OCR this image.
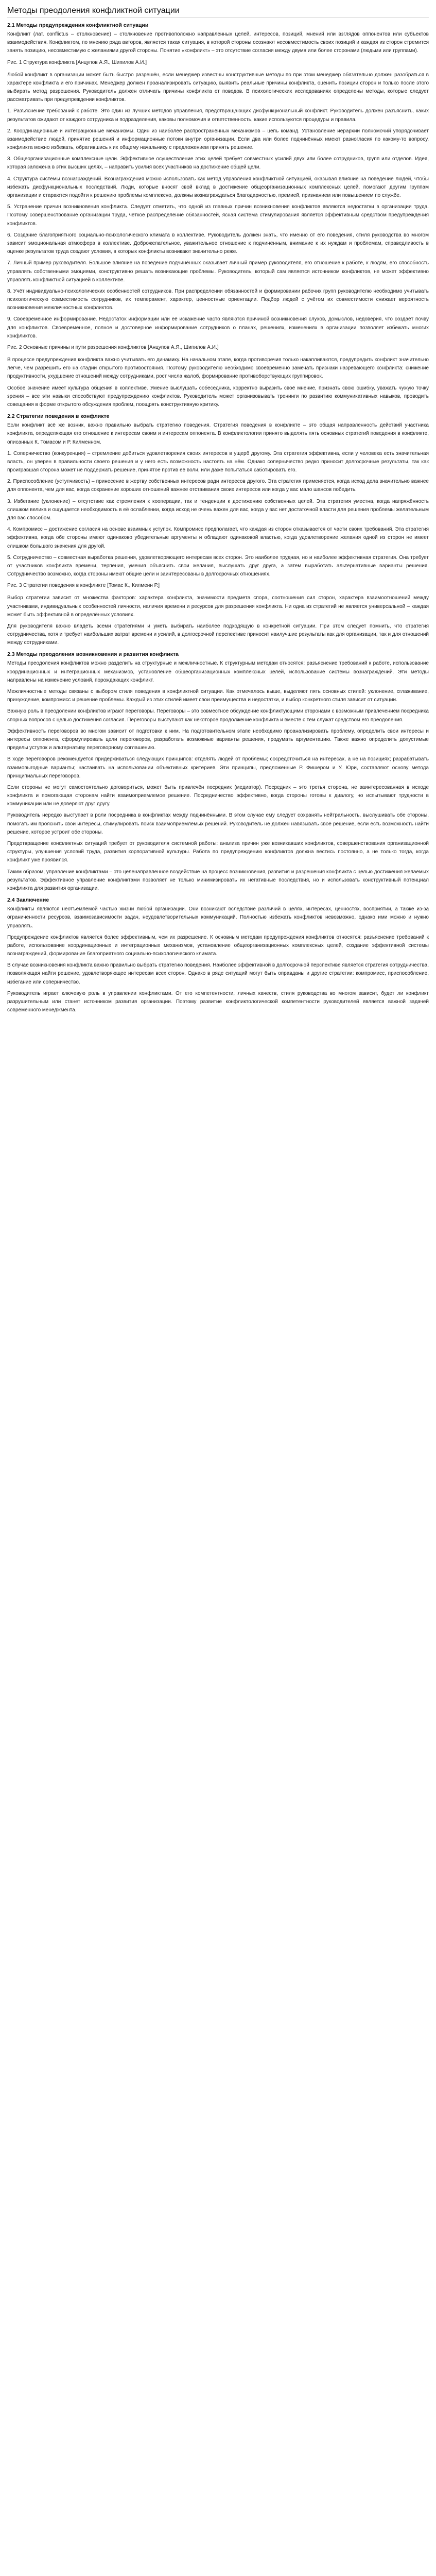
Методы преодоления конфликтной ситуации
2.1 Методы предупреждения конфликтной ситуации

Конфликт (лат. conflictus – столкновение) – столкновение противоположно направленных целей, интересов, позиций, мнений или взглядов оппонентов или субъектов взаимодействия. Конфликтом, по мнению ряда авторов, является такая ситуация, в которой стороны осознают несовместимость своих позиций и каждая из сторон стремится занять позицию, несовместимую с желаниями другой стороны. Понятие «конфликт» – это отсутствие согласия между двумя или более сторонами (людьми или группами).

Рис. 1 Структура конфликта [Анцупов А.Я., Шипилов А.И.]

Любой конфликт в организации может быть быстро разрешён, если менеджер известны конструктивные методы по при этом менеджер обязательно должен разобраться в характере конфликта и его причинах. Менеджер должен проанализировать ситуацию, выявить реальные причины конфликта, оценить позиции сторон и только после этого выбирать метод разрешения. Руководитель должен отличать причины конфликта от поводов. В психологических исследованиях определены методы, которые следует рассматривать при предупреждении конфликтов.

1. Разъяснение требований к работе. Это один из лучших методов управления, предотвращающих дисфункциональный конфликт. Руководитель должен разъяснить, каких результатов ожидают от каждого сотрудника и подразделения, каковы полномочия и ответственность, какие используются процедуры и правила.

2. Координационные и интеграционные механизмы. Один из наиболее распространённых механизмов – цепь команд. Установление иерархии полномочий упорядочивает взаимодействие людей, принятие решений и информационные потоки внутри организации. Если два или более подчинённых имеют разногласия по какому-то вопросу, конфликта можно избежать, обратившись к их общему начальнику с предложением принять решение.

3. Общеорганизационные комплексные цели. Эффективное осуществление этих целей требует совместных усилий двух или более сотрудников, групп или отделов. Идея, которая заложена в этих высших целях, – направить усилия всех участников на достижение общей цели.

4. Структура системы вознаграждений. Вознаграждения можно использовать как метод управления конфликтной ситуацией, оказывая влияние на поведение людей, чтобы избежать дисфункциональных последствий. Люди, которые вносят свой вклад в достижение общеорганизационных комплексных целей, помогают другим группам организации и стараются подойти к решению проблемы комплексно, должны вознаграждаться благодарностью, премией, признанием или повышением по службе.

5. Устранение причин возникновения конфликта. Следует отметить, что одной из главных причин возникновения конфликтов являются недостатки в организации труда. Поэтому совершенствование организации труда, чёткое распределение обязанностей, ясная система стимулирования является эффективным средством предупреждения конфликтов.

6. Создание благоприятного социально-психологического климата в коллективе. Руководитель должен знать, что именно от его поведения, стиля руководства во многом зависит эмоциональная атмосфера в коллективе. Доброжелательное, уважительное отношение к подчинённым, внимание к их нуждам и проблемам, справедливость в оценке результатов труда создают условия, в которых конфликты возникают значительно реже.

7. Личный пример руководителя. Большое влияние на поведение подчинённых оказывает личный пример руководителя, его отношение к работе, к людям, его способность управлять собственными эмоциями, конструктивно решать возникающие проблемы. Руководитель, который сам является источником конфликтов, не может эффективно управлять конфликтной ситуацией в коллективе.

8. Учёт индивидуально-психологических особенностей сотрудников. При распределении обязанностей и формировании рабочих групп руководителю необходимо учитывать психологическую совместимость сотрудников, их темперамент, характер, ценностные ориентации. Подбор людей с учётом их совместимости снижает вероятность возникновения межличностных конфликтов.

9. Своевременное информирование. Недостаток информации или её искажение часто являются причиной возникновения слухов, домыслов, недоверия, что создаёт почву для конфликтов. Своевременное, полное и достоверное информирование сотрудников о планах, решениях, изменениях в организации позволяет избежать многих конфликтов.

Рис. 2 Основные причины и пути разрешения конфликтов [Анцупов А.Я., Шипилов А.И.]

В процессе предупреждения конфликта важно учитывать его динамику. На начальном этапе, когда противоречия только накапливаются, предупредить конфликт значительно легче, чем разрешить его на стадии открытого противостояния. Поэтому руководителю необходимо своевременно замечать признаки назревающего конфликта: снижение продуктивности, ухудшение отношений между сотрудниками, рост числа жалоб, формирование противоборствующих группировок.

Особое значение имеет культура общения в коллективе. Умение выслушать собеседника, корректно выразить своё мнение, признать свою ошибку, уважать чужую точку зрения – все эти навыки способствуют предупреждению конфликтов. Руководитель может организовывать тренинги по развитию коммуникативных навыков, проводить совещания в форме открытого обсуждения проблем, поощрять конструктивную критику.

2.2 Стратегии поведения в конфликте

Если конфликт всё же возник, важно правильно выбрать стратегию поведения. Стратегия поведения в конфликте – это общая направленность действий участника конфликта, определяющая его отношение к интересам своим и интересам оппонента. В конфликтологии принято выделять пять основных стратегий поведения в конфликте, описанных К. Томасом и Р. Килменном.

1. Соперничество (конкуренция) – стремление добиться удовлетворения своих интересов в ущерб другому. Эта стратегия эффективна, если у человека есть значительная власть, он уверен в правильности своего решения и у него есть возможность настоять на нём. Однако соперничество редко приносит долгосрочные результаты, так как проигравшая сторона может не поддержать решение, принятое против её воли, или даже попытаться саботировать его.

2. Приспособление (уступчивость) – принесение в жертву собственных интересов ради интересов другого. Эта стратегия применяется, когда исход дела значительно важнее для оппонента, чем для вас, когда сохранение хороших отношений важнее отстаивания своих интересов или когда у вас мало шансов победить.

3. Избегание (уклонение) – отсутствие как стремления к кооперации, так и тенденции к достижению собственных целей. Эта стратегия уместна, когда напряжённость слишком велика и ощущается необходимость в её ослаблении, когда исход не очень важен для вас, когда у вас нет достаточной власти для решения проблемы желательным для вас способом.

4. Компромисс – достижение согласия на основе взаимных уступок. Компромисс предполагает, что каждая из сторон отказывается от части своих требований. Эта стратегия эффективна, когда обе стороны имеют одинаково убедительные аргументы и обладают одинаковой властью, когда удовлетворение желания одной из сторон не имеет слишком большого значения для другой.

5. Сотрудничество – совместная выработка решения, удовлетворяющего интересам всех сторон. Это наиболее трудная, но и наиболее эффективная стратегия. Она требует от участников конфликта времени, терпения, умения объяснить свои желания, выслушать друг друга, а затем выработать альтернативные варианты решения. Сотрудничество возможно, когда стороны имеют общие цели и заинтересованы в долгосрочных отношениях.

Рис. 3 Стратегии поведения в конфликте [Томас К., Килменн Р.]

Выбор стратегии зависит от множества факторов: характера конфликта, значимости предмета спора, соотношения сил сторон, характера взаимоотношений между участниками, индивидуальных особенностей личности, наличия времени и ресурсов для разрешения конфликта. Ни одна из стратегий не является универсальной – каждая может быть эффективной в определённых условиях.

Для руководителя важно владеть всеми стратегиями и уметь выбирать наиболее подходящую в конкретной ситуации. При этом следует помнить, что стратегия сотрудничества, хотя и требует наибольших затрат времени и усилий, в долгосрочной перспективе приносит наилучшие результаты как для организации, так и для отношений между сотрудниками.

2.3 Методы преодоления возникновения и развития конфликта

Методы преодоления конфликтов можно разделить на структурные и межличностные. К структурным методам относятся: разъяснение требований к работе, использование координационных и интеграционных механизмов, установление общеорганизационных комплексных целей, использование системы вознаграждений. Эти методы направлены на изменение условий, порождающих конфликт.

Межличностные методы связаны с выбором стиля поведения в конфликтной ситуации. Как отмечалось выше, выделяют пять основных стилей: уклонение, сглаживание, принуждение, компромисс и решение проблемы. Каждый из этих стилей имеет свои преимущества и недостатки, и выбор конкретного стиля зависит от ситуации.

Важную роль в преодолении конфликтов играют переговоры. Переговоры – это совместное обсуждение конфликтующими сторонами с возможным привлечением посредника спорных вопросов с целью достижения согласия. Переговоры выступают как некоторое продолжение конфликта и вместе с тем служат средством его преодоления.

Эффективность переговоров во многом зависит от подготовки к ним. На подготовительном этапе необходимо проанализировать проблему, определить свои интересы и интересы оппонента, сформулировать цели переговоров, разработать возможные варианты решения, продумать аргументацию. Также важно определить допустимые пределы уступок и альтернативу переговорному соглашению.

В ходе переговоров рекомендуется придерживаться следующих принципов: отделять людей от проблемы; сосредоточиться на интересах, а не на позициях; разрабатывать взаимовыгодные варианты; настаивать на использовании объективных критериев. Эти принципы, предложенные Р. Фишером и У. Юри, составляют основу метода принципиальных переговоров.

Если стороны не могут самостоятельно договориться, может быть привлечён посредник (медиатор). Посредник – это третья сторона, не заинтересованная в исходе конфликта и помогающая сторонам найти взаимоприемлемое решение. Посредничество эффективно, когда стороны готовы к диалогу, но испытывают трудности в коммуникации или не доверяют друг другу.

Руководитель нередко выступает в роли посредника в конфликтах между подчинёнными. В этом случае ему следует сохранять нейтральность, выслушивать обе стороны, помогать им прояснить свои интересы, стимулировать поиск взаимоприемлемых решений. Руководитель не должен навязывать своё решение, если есть возможность найти решение, которое устроит обе стороны.

Предотвращение конфликтных ситуаций требует от руководителя системной работы: анализа причин уже возникавших конфликтов, совершенствования организационной структуры, улучшения условий труда, развития корпоративной культуры. Работа по предупреждению конфликтов должна вестись постоянно, а не только тогда, когда конфликт уже проявился.

Таким образом, управление конфликтами – это целенаправленное воздействие на процесс возникновения, развития и разрешения конфликта с целью достижения желаемых результатов. Эффективное управление конфликтами позволяет не только минимизировать их негативные последствия, но и использовать конструктивный потенциал конфликта для развития организации.

2.4 Заключение

Конфликты являются неотъемлемой частью жизни любой организации. Они возникают вследствие различий в целях, интересах, ценностях, восприятии, а также из-за ограниченности ресурсов, взаимозависимости задач, неудовлетворительных коммуникаций. Полностью избежать конфликтов невозможно, однако ими можно и нужно управлять.

Предупреждение конфликтов является более эффективным, чем их разрешение. К основным методам предупреждения конфликтов относятся: разъяснение требований к работе, использование координационных и интеграционных механизмов, установление общеорганизационных комплексных целей, создание эффективной системы вознаграждений, формирование благоприятного социально-психологического климата.

В случае возникновения конфликта важно правильно выбрать стратегию поведения. Наиболее эффективной в долгосрочной перспективе является стратегия сотрудничества, позволяющая найти решение, удовлетворяющее интересам всех сторон. Однако в ряде ситуаций могут быть оправданы и другие стратегии: компромисс, приспособление, избегание или соперничество.

Руководитель играет ключевую роль в управлении конфликтами. От его компетентности, личных качеств, стиля руководства во многом зависит, будет ли конфликт разрушительным или станет источником развития организации. Поэтому развитие конфликтологической компетентности руководителей является важной задачей современного менеджмента.
